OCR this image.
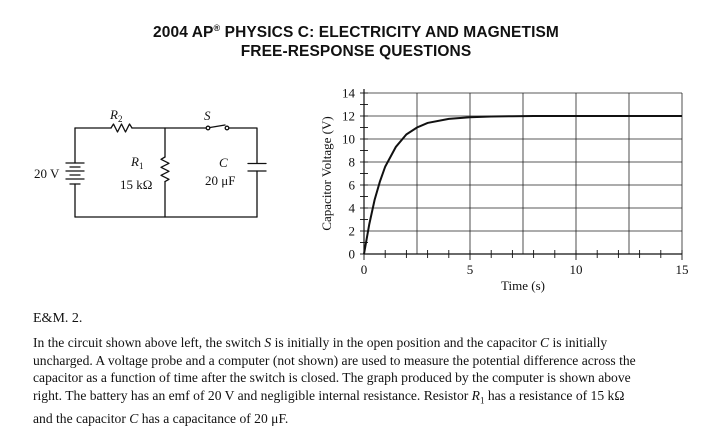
2004 AP® PHYSICS C: ELECTRICITY AND MAGNETISM
FREE-RESPONSE QUESTIONS
20 V
$R_2$	S
$R_1$
15 kΩ
C
20 μF
0	5	10	15
0
2
4
6
8
10
12
14
Time (s)
Capacitor Voltage (V)
E&M. 2.
In the circuit shown above left, the switch S is initially in the open position and the capacitor C is initially
uncharged. A voltage probe and a computer (not shown) are used to measure the potential difference across the
capacitor as a function of time after the switch is closed. The graph produced by the computer is shown above
right. The battery has an emf of 20 V and negligible internal resistance. Resistor $R_1$ has a resistance of 15 kΩ
and the capacitor C has a capacitance of 20 μF.
